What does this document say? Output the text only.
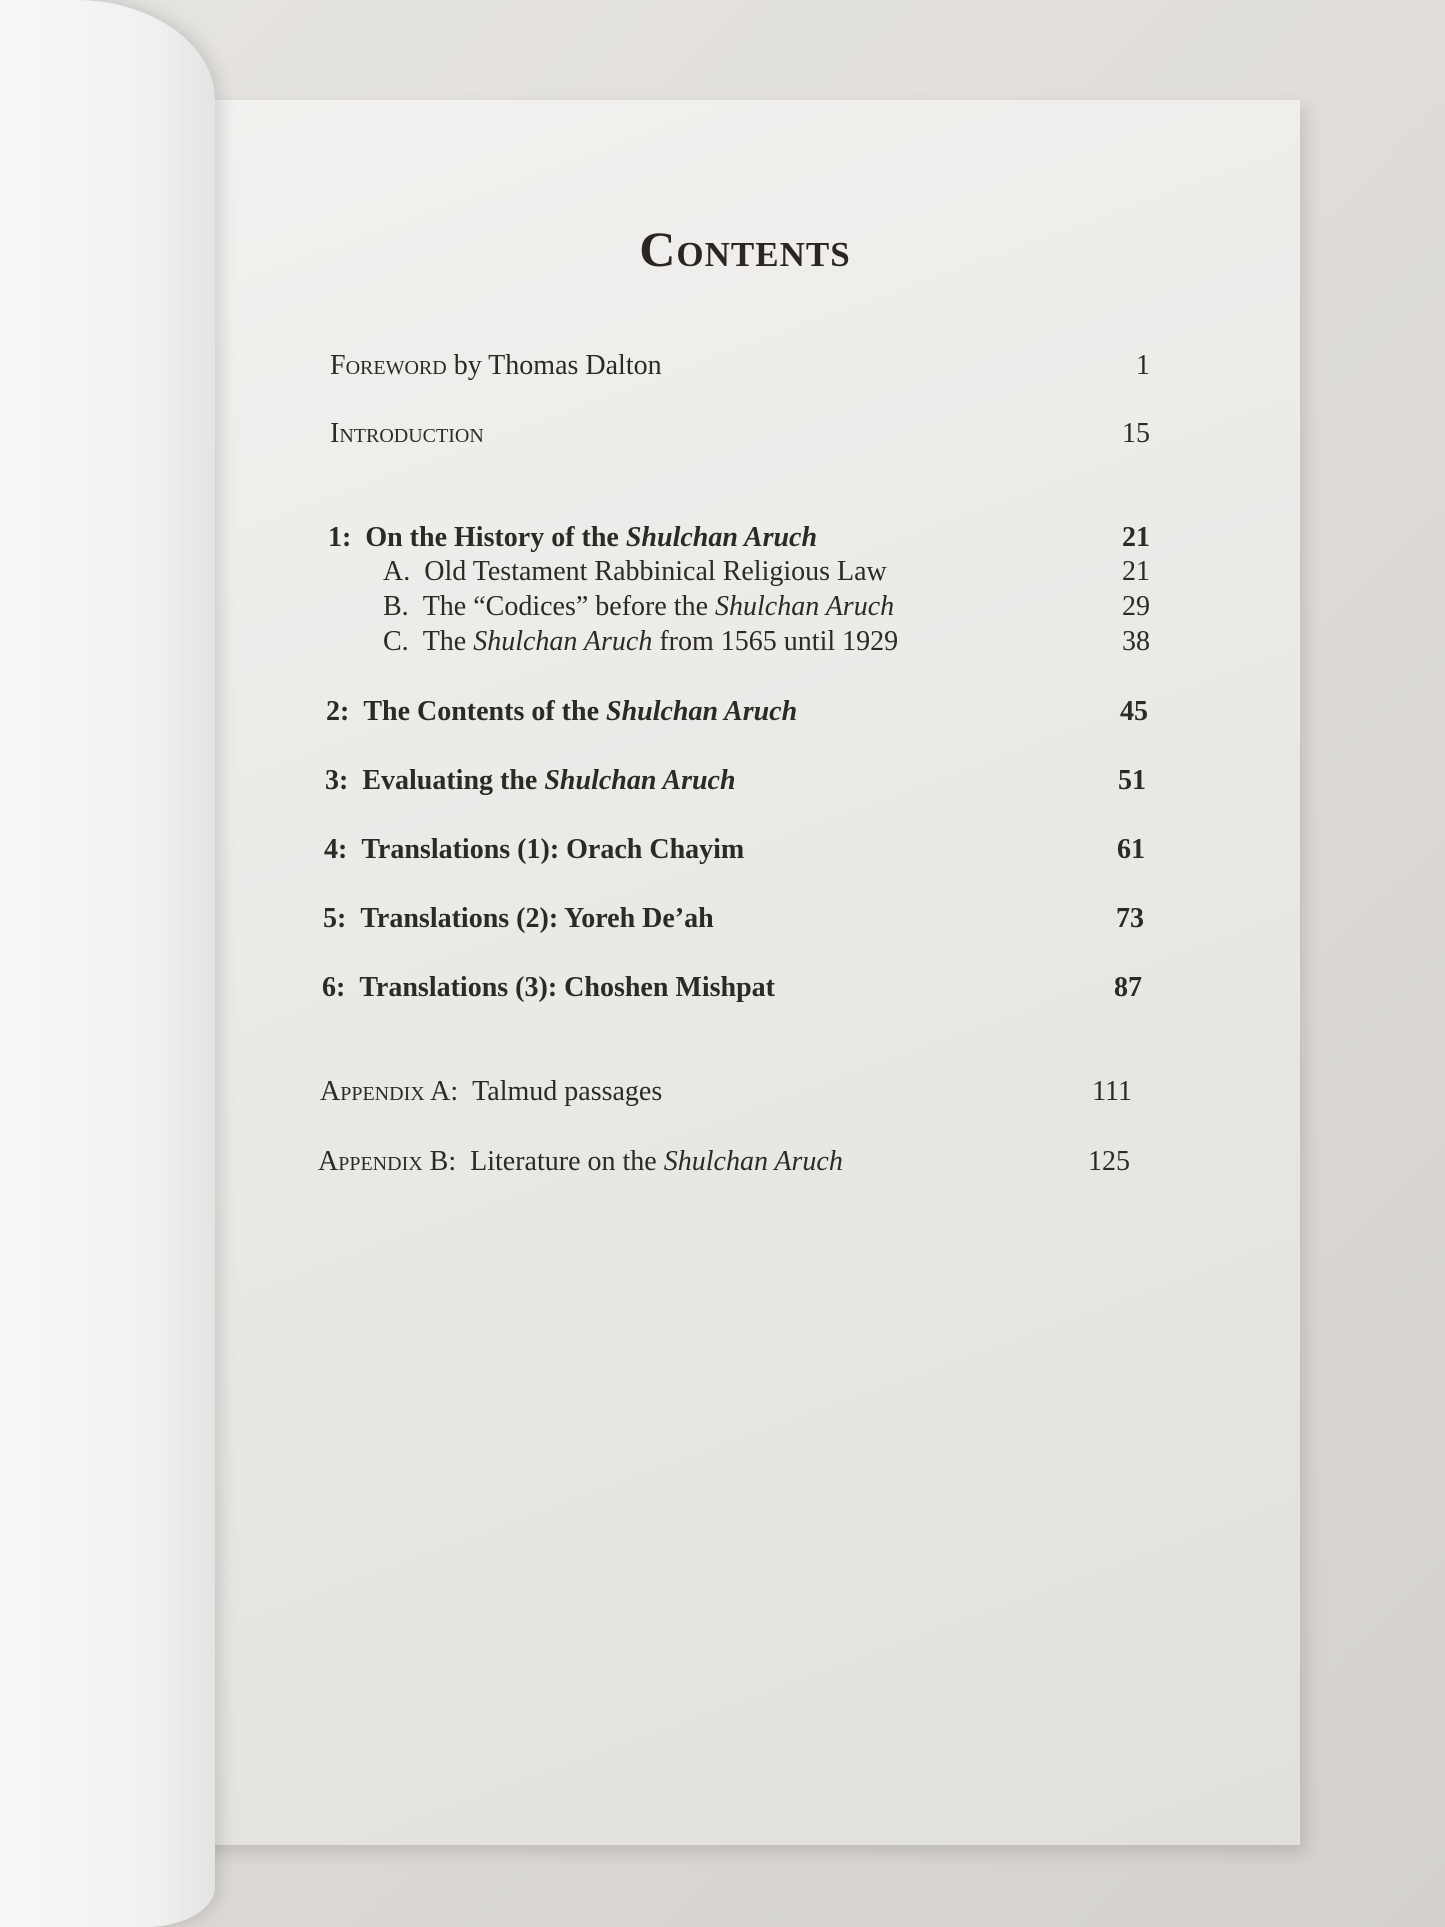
Contents
Foreword by Thomas Dalton	1
Introduction	15
1: On the History of the Shulchan Aruch	21
A. Old Testament Rabbinical Religious Law	21
B. The “Codices” before the Shulchan Aruch	29
C. The Shulchan Aruch from 1565 until 1929	38
2: The Contents of the Shulchan Aruch	45
3: Evaluating the Shulchan Aruch	51
4: Translations (1): Orach Chayim	61
5: Translations (2): Yoreh De’ah	73
6: Translations (3): Choshen Mishpat	87
Appendix A: Talmud passages	111
Appendix B: Literature on the Shulchan Aruch	125
